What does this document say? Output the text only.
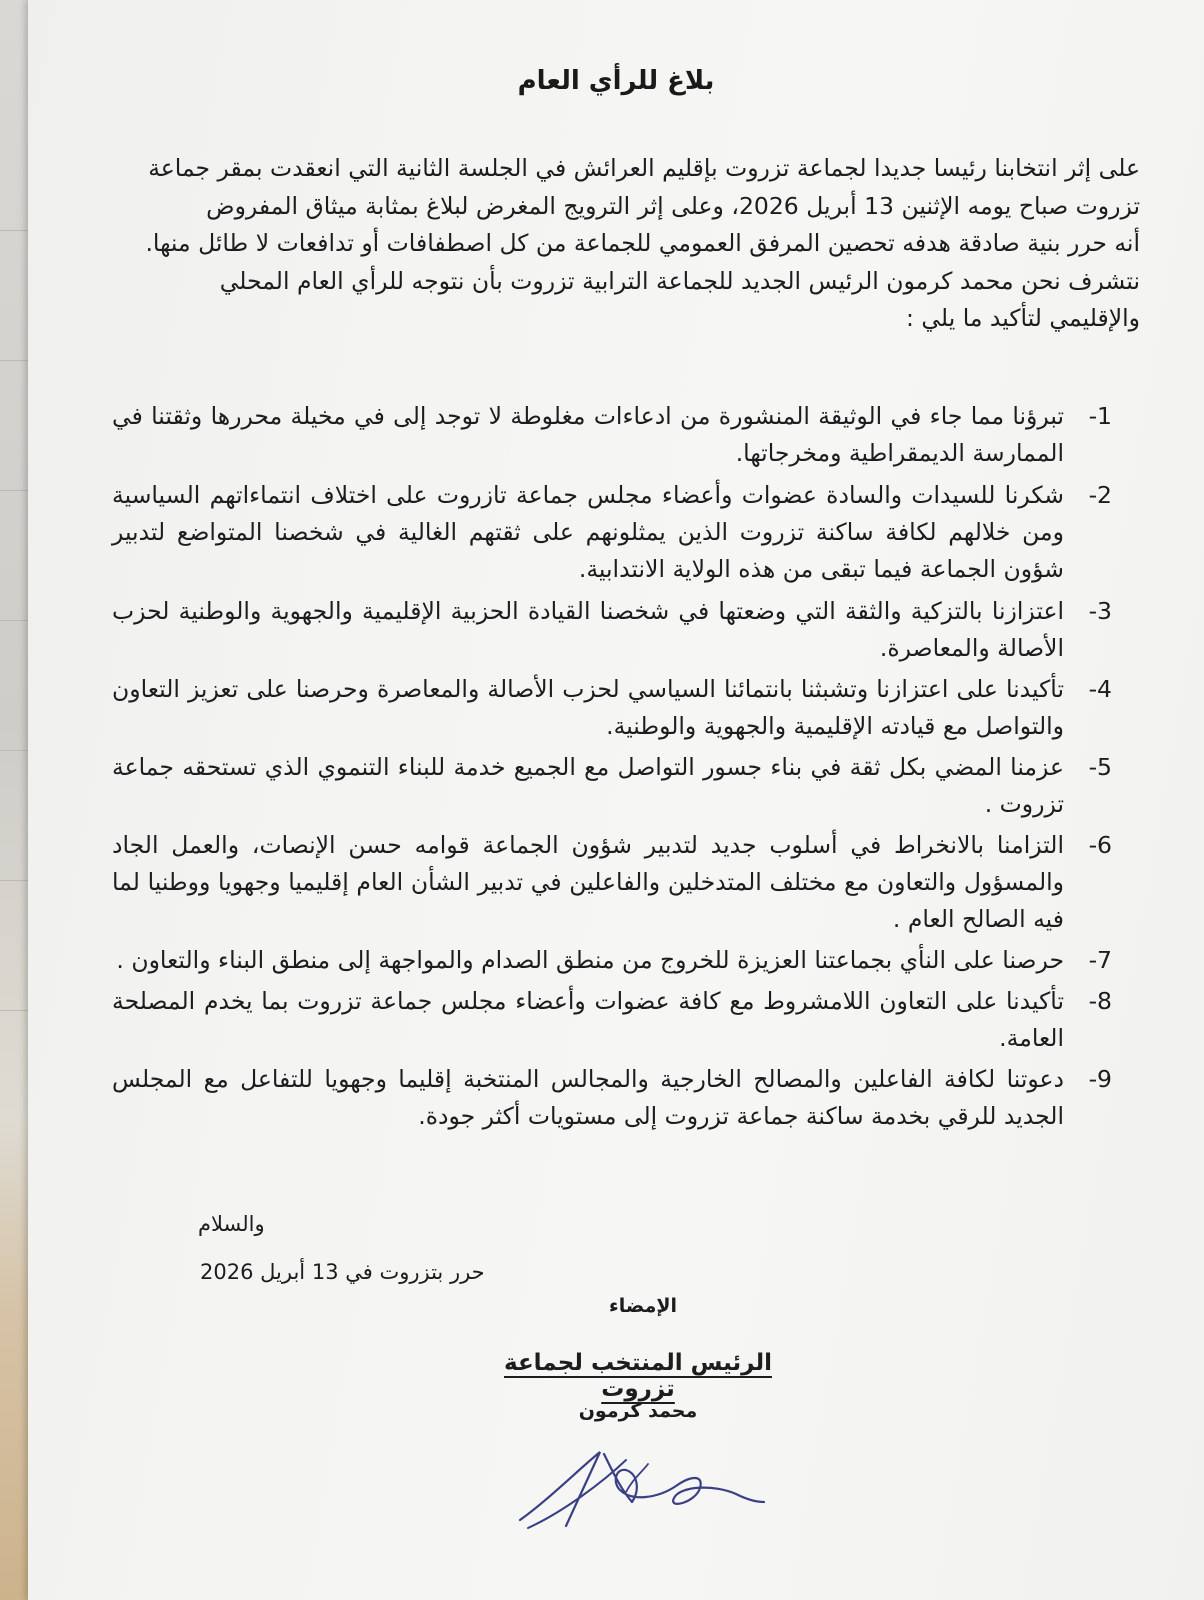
بلاغ للرأي العام

على إثر انتخابنا رئيسا جديدا لجماعة تزروت بإقليم العرائش في الجلسة الثانية التي انعقدت بمقر جماعة

تزروت صباح يومه الإثنين 13 أبريل 2026، وعلى إثر الترويج المغرض لبلاغ بمثابة ميثاق المفروض

أنه حرر بنية صادقة هدفه تحصين المرفق العمومي للجماعة من كل اصطفافات أو تدافعات لا طائل منها.

نتشرف نحن محمد كرمون الرئيس الجديد للجماعة الترابية تزروت بأن نتوجه للرأي العام المحلي

والإقليمي لتأكيد ما يلي :

1-
تبرؤنا مما جاء في الوثيقة المنشورة من ادعاءات مغلوطة لا توجد إلى في مخيلة محررها وثقتنا في الممارسة الديمقراطية ومخرجاتها.
2-
شكرنا للسيدات والسادة عضوات وأعضاء مجلس جماعة تازروت على اختلاف انتماءاتهم السياسية ومن خلالهم لكافة ساكنة تزروت الذين يمثلونهم على ثقتهم الغالية في شخصنا المتواضع لتدبير شؤون الجماعة فيما تبقى من هذه الولاية الانتدابية.
3-
اعتزازنا بالتزكية والثقة التي وضعتها في شخصنا القيادة الحزبية الإقليمية والجهوية والوطنية لحزب الأصالة والمعاصرة.
4-
تأكيدنا على اعتزازنا وتشبثنا بانتمائنا السياسي لحزب الأصالة والمعاصرة وحرصنا على تعزيز التعاون والتواصل مع قيادته الإقليمية والجهوية والوطنية.
5-
عزمنا المضي بكل ثقة في بناء جسور التواصل مع الجميع خدمة للبناء التنموي الذي تستحقه جماعة تزروت .
6-
التزامنا بالانخراط في أسلوب جديد لتدبير شؤون الجماعة قوامه حسن الإنصات، والعمل الجاد والمسؤول والتعاون مع مختلف المتدخلين والفاعلين في تدبير الشأن العام إقليميا وجهويا ووطنيا لما فيه الصالح العام .
7-
حرصنا على النأي بجماعتنا العزيزة للخروج من منطق الصدام والمواجهة إلى منطق البناء والتعاون .
8-
تأكيدنا على التعاون اللامشروط مع كافة عضوات وأعضاء مجلس جماعة تزروت بما يخدم المصلحة العامة.
9-
دعوتنا لكافة الفاعلين والمصالح الخارجية والمجالس المنتخبة إقليما وجهويا للتفاعل مع المجلس الجديد للرقي بخدمة ساكنة جماعة تزروت إلى مستويات أكثر جودة.
والسلام
حرر بتزروت في 13 أبريل 2026
الإمضاء
الرئيس المنتخب لجماعة تزروت
محمد كرمون
